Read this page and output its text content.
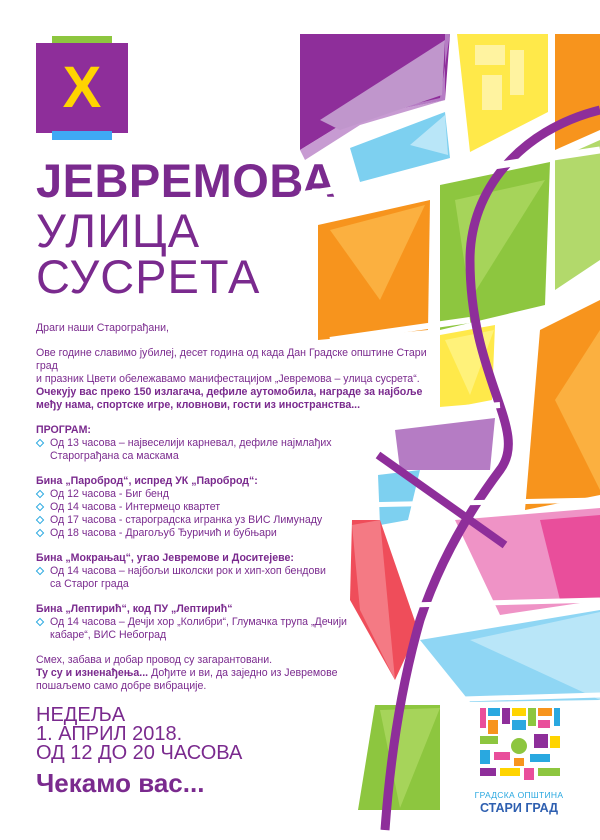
X
ЈЕВРЕМОВА
УЛИЦА
СУСРЕТА

Драги наши Старограђани,

Ове године славимо јубилеј, десет година од када Дан Градске општине Стари град

и празник Цвети обележавамо манифестацијом „Јевремова – улица сусрета“.

Очекују вас преко 150 излагача, дефиле аутомобила, награде за најбоље

међу нама, спортске игре, кловнови, гости из иностранства...

ПРОГРАМ:

Од 13 часова – највеселији карневал, дефиле најмлађих

Старограђана са маскама

Бина „Парoброд“, испред УК „Пароброд“:

Од 12 часова - Биг бенд

Од 14 часова - Интермецо квартет

Од 17 часова - старогрaдска игранка уз ВИС Лимунаду

Од 18 часова - Драгољуб Ђуричић и бубњари

Бина „Мокрањац“, угао Јевремове и Доситејеве:

Од 14 часова – најбољи школски рок и хип-хоп бендови

са Старог града

Бина „Лептирић“, код ПУ „Лептирић“

Од 14 часова – Дечји хор „Колибри“, Глумачка трупа „Дечији

кабаре“, ВИС Небоград

Смех, забава и добар провод су загарантовани.

Ту су и изненађења... Дођите и ви, да заједно из Јевремове

пошаљемо само добре вибрације.

НЕДЕЉА
1. АПРИЛ 2018.
ОД 12 ДО 20 ЧАСОВА
Чекамо вас...	ГРАДСКА ОПШТИНА
СТАРИ ГРАД
